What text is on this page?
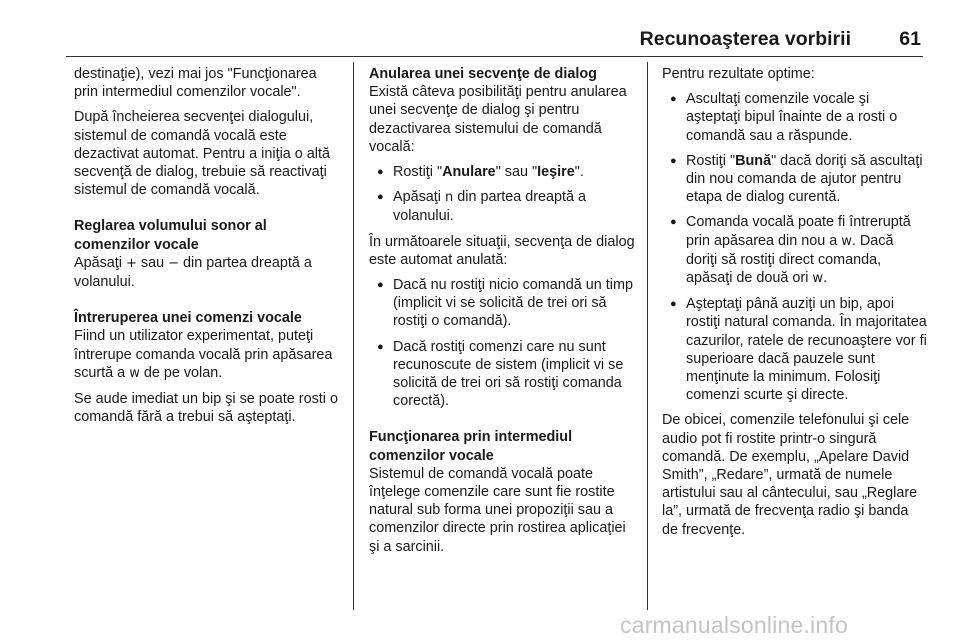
Recunoaşterea vorbirii 61

destinaţie), vezi mai jos "Funcţionarea prin intermediul comenzilor vocale".

După încheierea secvenţei dialogului, sistemul de comandă vocală este dezactivat automat. Pentru a iniţia o altă secvenţă de dialog, trebuie să reactivaţi sistemul de comandă vocală.

Reglarea volumului sonor al comenzilor vocale

Apăsaţi + sau − din partea dreaptă a volanului.

Întreruperea unei comenzi vocale

Fiind un utilizator experimentat, puteţi întrerupe comanda vocală prin apăsarea scurtă a w de pe volan.

Se aude imediat un bip şi se poate rosti o comandă fără a trebui să aşteptaţi.

Anularea unei secvenţe de dialog

Există câteva posibilităţi pentru anularea unei secvenţe de dialog şi pentru dezactivarea sistemului de comandă vocală:

● Rostiţi "Anulare" sau "Ieşire".
● Apăsaţi n din partea dreaptă a volanului.

În următoarele situaţii, secvenţa de dialog este automat anulată:

● Dacă nu rostiţi nicio comandă un timp (implicit vi se solicită de trei ori să rostiţi o comandă).
● Dacă rostiţi comenzi care nu sunt recunoscute de sistem (implicit vi se solicită de trei ori să rostiţi comanda corectă).
Funcţionarea prin intermediul comenzilor vocale

Sistemul de comandă vocală poate înţelege comenzile care sunt fie rostite natural sub forma unei propoziţii sau a comenzilor directe prin rostirea aplicaţiei şi a sarcinii.

Pentru rezultate optime:

● Ascultaţi comenzile vocale şi aşteptaţi bipul înainte de a rosti o comandă sau a răspunde.
● Rostiţi "Bună" dacă doriţi să ascultaţi din nou comanda de ajutor pentru etapa de dialog curentă.
● Comanda vocală poate fi întreruptă prin apăsarea din nou a w. Dacă doriţi să rostiţi direct comanda, apăsaţi de două ori w.
● Aşteptaţi până auziţi un bip, apoi rostiţi natural comanda. În majoritatea cazurilor, ratele de recunoaştere vor fi superioare dacă pauzele sunt menţinute la minimum. Folosiţi comenzi scurte şi directe.

De obicei, comenzile telefonului şi cele audio pot fi rostite printr-o singură comandă. De exemplu, „Apelare David Smith”, „Redare”, urmată de numele artistului sau al cântecului, sau „Reglare la”, urmată de frecvenţa radio şi banda de frecvenţe.

carmanualsonline.info
